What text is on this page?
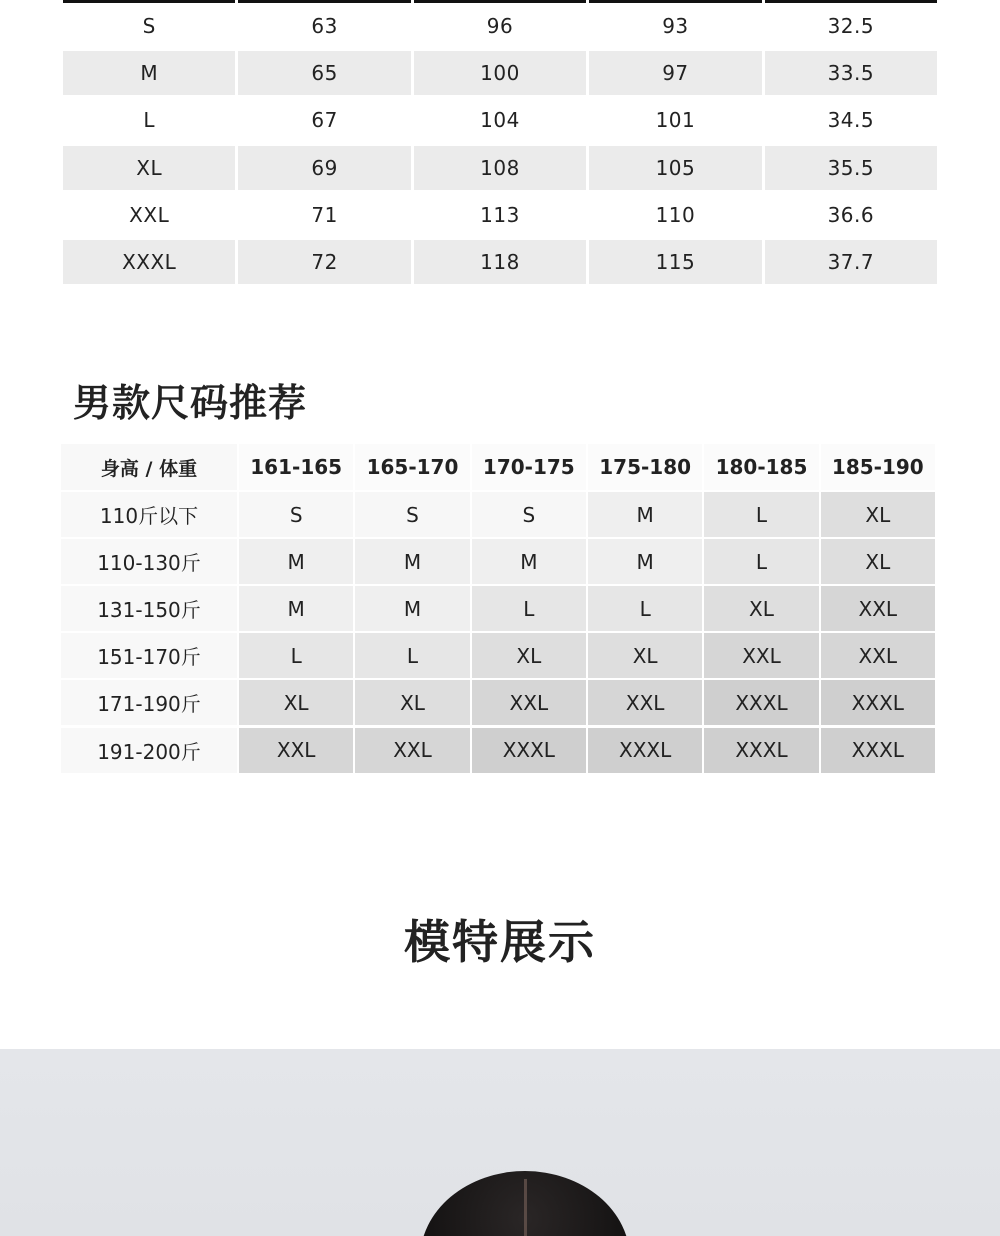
S	63	96	93	32.5
M	65	100	97	33.5
L	67	104	101	34.5
XL	69	108	105	35.5
XXL	71	113	110	36.6
XXXL	72	118	115	37.7
男款尺码推荐
身高 / 体重	161-165	165-170	170-175	175-180	180-185	185-190
110斤以下	S	S	S	M	L	XL
110-130斤	M	M	M	M	L	XL
131-150斤	M	M	L	L	XL	XXL
151-170斤	L	L	XL	XL	XXL	XXL
171-190斤	XL	XL	XXL	XXL	XXXL	XXXL
191-200斤	XXL	XXL	XXXL	XXXL	XXXL	XXXL
模特展示
